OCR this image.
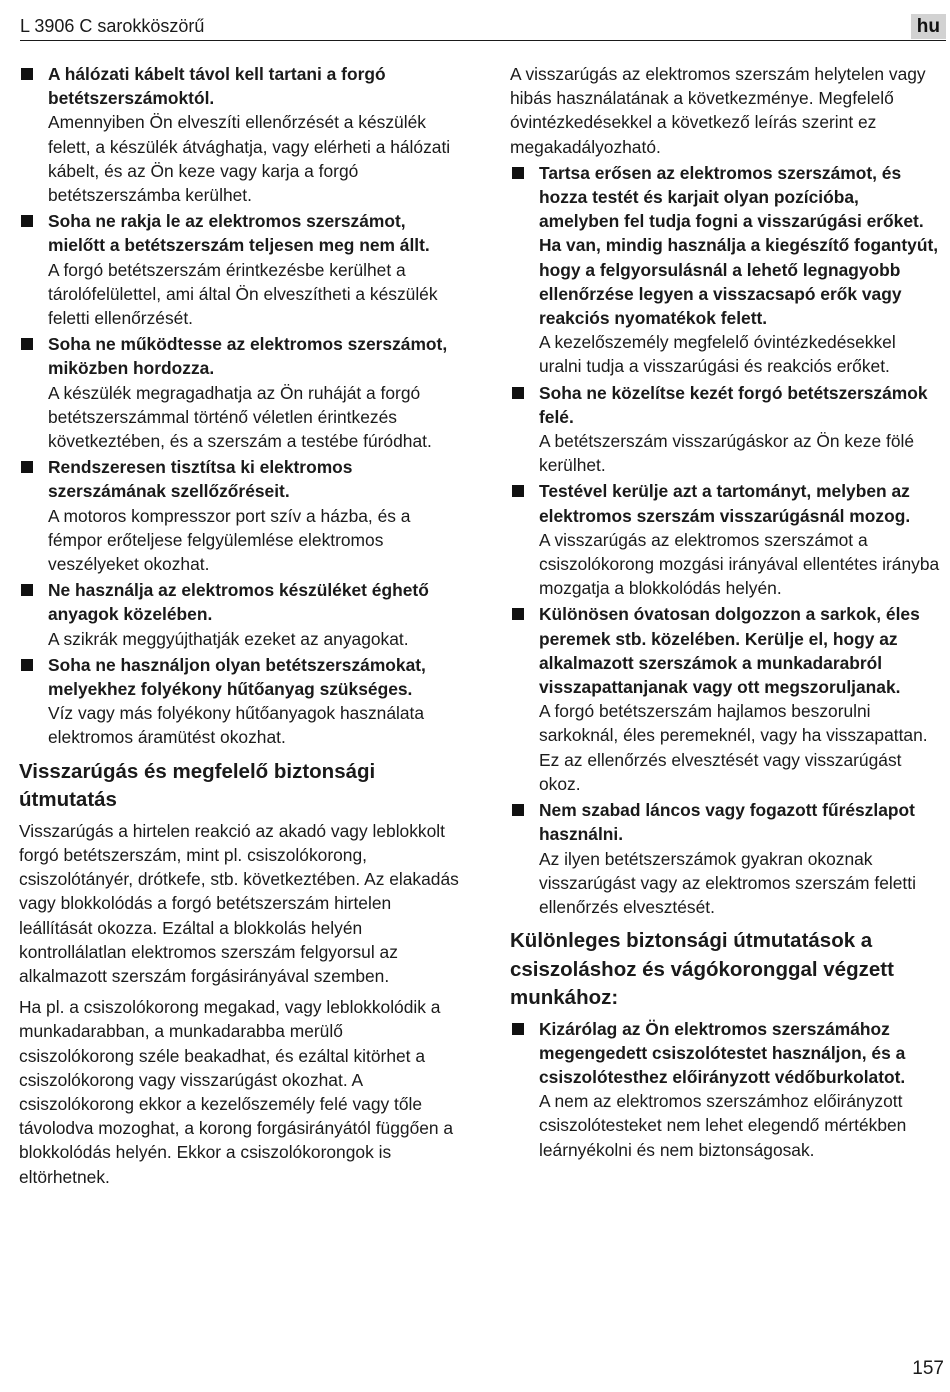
L 3906 C sarokköszörű	hu
A hálózati kábelt távol kell tartani a forgó betétszerszámoktól.
Amennyiben Ön elveszíti ellenőrzését a készülék felett, a készülék átvághatja, vagy elérheti a hálózati kábelt, és az Ön keze vagy karja a forgó betétszerszámba kerülhet.
Soha ne rakja le az elektromos szerszámot, mielőtt a betétszerszám teljesen meg nem állt.
A forgó betétszerszám érintkezésbe kerülhet a tárolófelülettel, ami által Ön elveszítheti a készülék feletti ellenőrzését.
Soha ne működtesse az elektromos szerszámot, miközben hordozza.
A készülék megragadhatja az Ön ruháját a forgó betétszerszámmal történő véletlen érintkezés következtében, és a szerszám a testébe fúródhat.
Rendszeresen tisztítsa ki elektromos szerszámának szellőzőréseit.
A motoros kompresszor port szív a házba, és a fémpor erőteljese felgyülemlése elektromos veszélyeket okozhat.
Ne használja az elektromos készüléket éghető anyagok közelében.
A szikrák meggyújthatják ezeket az anyagokat.
Soha ne használjon olyan betétszerszámokat, melyekhez folyékony hűtőanyag szükséges.
Víz vagy más folyékony hűtőanyagok használata elektromos áramütést okozhat.
Visszarúgás és megfelelő biztonsági útmutatás

Visszarúgás a hirtelen reakció az akadó vagy leblokkolt forgó betétszerszám, mint pl. csiszolókorong, csiszolótányér, drótkefe, stb. következtében. Az elakadás vagy blokkolódás a forgó betétszerszám hirtelen leállítását okozza. Ezáltal a blokkolás helyén kontrollálatlan elektromos szerszám felgyorsul az alkalmazott szerszám forgásirányával szemben.

Ha pl. a csiszolókorong megakad, vagy leblokkolódik a munkadarabban, a munkadarabba merülő csiszolókorong széle beakadhat, és ezáltal kitörhet a csiszolókorong vagy visszarúgást okozhat. A csiszolókorong ekkor a kezelőszemély felé vagy tőle távolodva mozoghat, a korong forgásirányától függően a blokkolódás helyén. Ekkor a csiszolókorongok is eltörhetnek.

A visszarúgás az elektromos szerszám helytelen vagy hibás használatának a következménye. Megfelelő óvintézkedésekkel a következő leírás szerint ez megakadályozható.

Tartsa erősen az elektromos szerszámot, és hozza testét és karjait olyan pozícióba, amelyben fel tudja fogni a visszarúgási erőket. Ha van, mindig használja a kiegészítő fogantyút, hogy a felgyorsulásnál a lehető legnagyobb ellenőrzése legyen a visszacsapó erők vagy reakciós nyomatékok felett.
A kezelőszemély megfelelő óvintézkedésekkel uralni tudja a visszarúgási és reakciós erőket.
Soha ne közelítse kezét forgó betétszerszámok felé.
A betétszerszám visszarúgáskor az Ön keze fölé kerülhet.
Testével kerülje azt a tartományt, melyben az elektromos szerszám visszarúgásnál mozog.
A visszarúgás az elektromos szerszámot a csiszolókorong mozgási irányával ellentétes irányba mozgatja a blokkolódás helyén.
Különösen óvatosan dolgozzon a sarkok, éles peremek stb. közelében. Kerülje el, hogy az alkalmazott szerszámok a munkadarabról visszapattanjanak vagy ott megszoruljanak.
A forgó betétszerszám hajlamos beszorulni sarkoknál, éles peremeknél, vagy ha visszapattan. Ez az ellenőrzés elvesztését vagy visszarúgást okoz.
Nem szabad láncos vagy fogazott fűrészlapot használni.
Az ilyen betétszerszámok gyakran okoznak visszarúgást vagy az elektromos szerszám feletti ellenőrzés elvesztését.
Különleges biztonsági útmutatások a csiszoláshoz és vágókoronggal végzett munkához:
Kizárólag az Ön elektromos szerszámához megengedett csiszolótestet használjon, és a csiszolótesthez előirányzott védőburkolatot.
A nem az elektromos szerszámhoz előirányzott csiszolótesteket nem lehet elegendő mértékben leárnyékolni és nem biztonságosak.
157
